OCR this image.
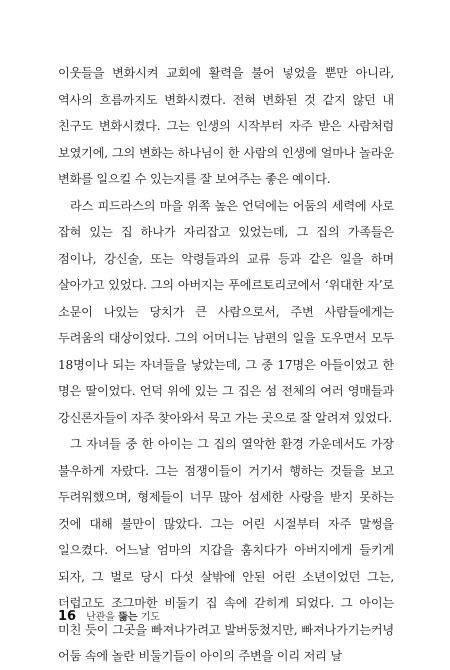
이웃들을 변화시켜 교회에 활력을 불어 넣었을 뿐만 아니라, 역사의 흐름까지도 변화시켰다. 전혀 변화된 것 같지 않던 내 친구도 변화시켰다. 그는 인생의 시작부터 자주 받은 사람처럼 보였기에, 그의 변화는 하나님이 한 사람의 인생에 얼마나 놀라운 변화를 일으킬 수 있는지를 잘 보여주는 좋은 예이다.

라스 피드라스의 마을 위쪽 높은 언덕에는 어둠의 세력에 사로 잡혀 있는 집 하나가 자리잡고 있었는데, 그 집의 가족들은 점이나, 강신술, 또는 악령들과의 교류 등과 같은 일을 하며 살아가고 있었다. 그의 아버지는 푸에르토리코에서 ‘위대한 자’로 소문이 나있는 당치가 큰 사람으로서, 주변 사람들에게는 두려움의 대상이었다. 그의 어머니는 남편의 일을 도우면서 모두 18명이나 되는 자녀들을 낳았는데, 그 중 17명은 아들이었고 한 명은 딸이었다. 언덕 위에 있는 그 집은 섬 전체의 여러 영매들과 강신론자들이 자주 찾아와서 묵고 가는 곳으로 잘 알려져 있었다.

그 자녀들 중 한 아이는 그 집의 열악한 환경 가운데서도 가장 불우하게 자랐다. 그는 점쟁이들이 거기서 행하는 것들을 보고 두려워했으며, 형제들이 너무 많아 섬세한 사랑을 받지 못하는 것에 대해 불만이 많았다. 그는 어린 시절부터 자주 말썽을 일으켰다. 어느날 엄마의 지갑을 훔치다가 아버지에게 들키게 되자, 그 벌로 당시 다섯 살밖에 안된 어린 소년이었던 그는, 더럽고도 조그마한 비둘기 집 속에 갇히게 되었다. 그 아이는 미친 듯이 그곳을 빠져나가려고 발버둥쳤지만, 빠져나가기는커녕 어둠 속에 놀란 비둘기들이 아이의 주변을 이리 저리 날

16 난관을 뚫는 기도
